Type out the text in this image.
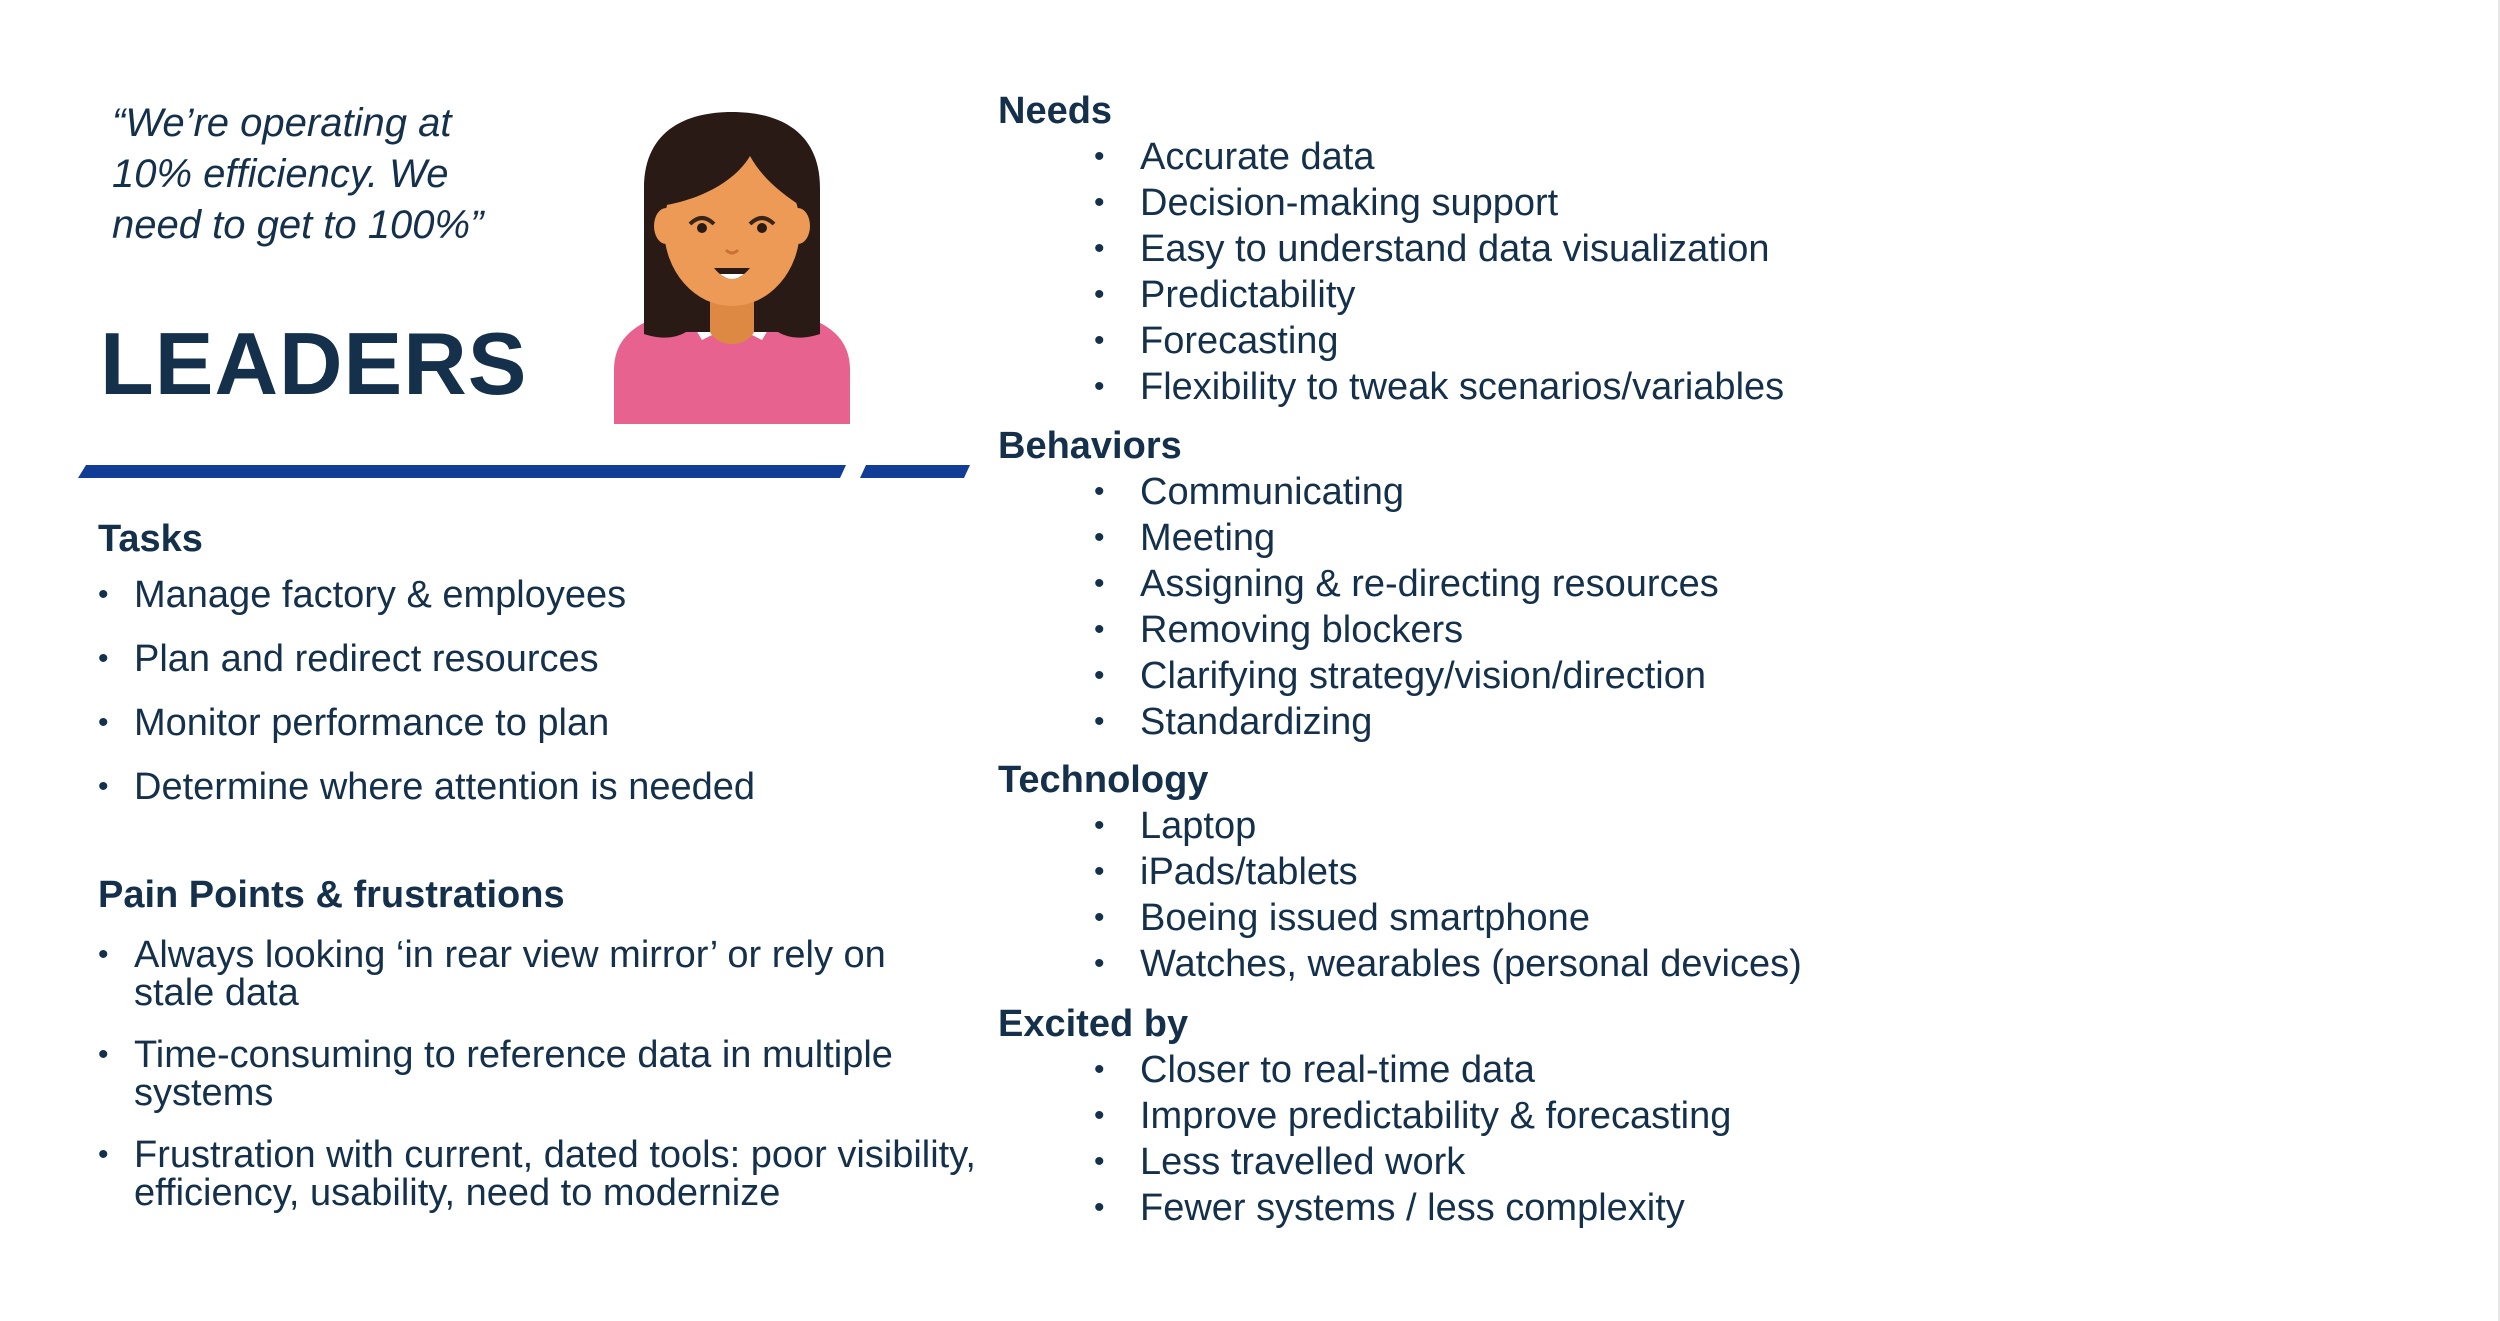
“We’re operating at
10% efficiency. We
need to get to 100%”
LEADERS
Tasks
• Manage factory & employees
• Plan and redirect resources
• Monitor performance to plan
• Determine where attention is needed
Pain Points & frustrations
• Always looking ‘in rear view mirror’ or rely on stale data
• Time-consuming to reference data in multiple systems
• Frustration with current, dated tools: poor visibility, efficiency, usability, need to modernize
Needs
• Accurate data
• Decision-making support
• Easy to understand data visualization
• Predictability
• Forecasting
• Flexibility to tweak scenarios/variables
Behaviors
• Communicating
• Meeting
• Assigning & re-directing resources
• Removing blockers
• Clarifying strategy/vision/direction
• Standardizing
Technology
• Laptop
• iPads/tablets
• Boeing issued smartphone
• Watches, wearables (personal devices)
Excited by
• Closer to real-time data
• Improve predictability & forecasting
• Less travelled work
• Fewer systems / less complexity
